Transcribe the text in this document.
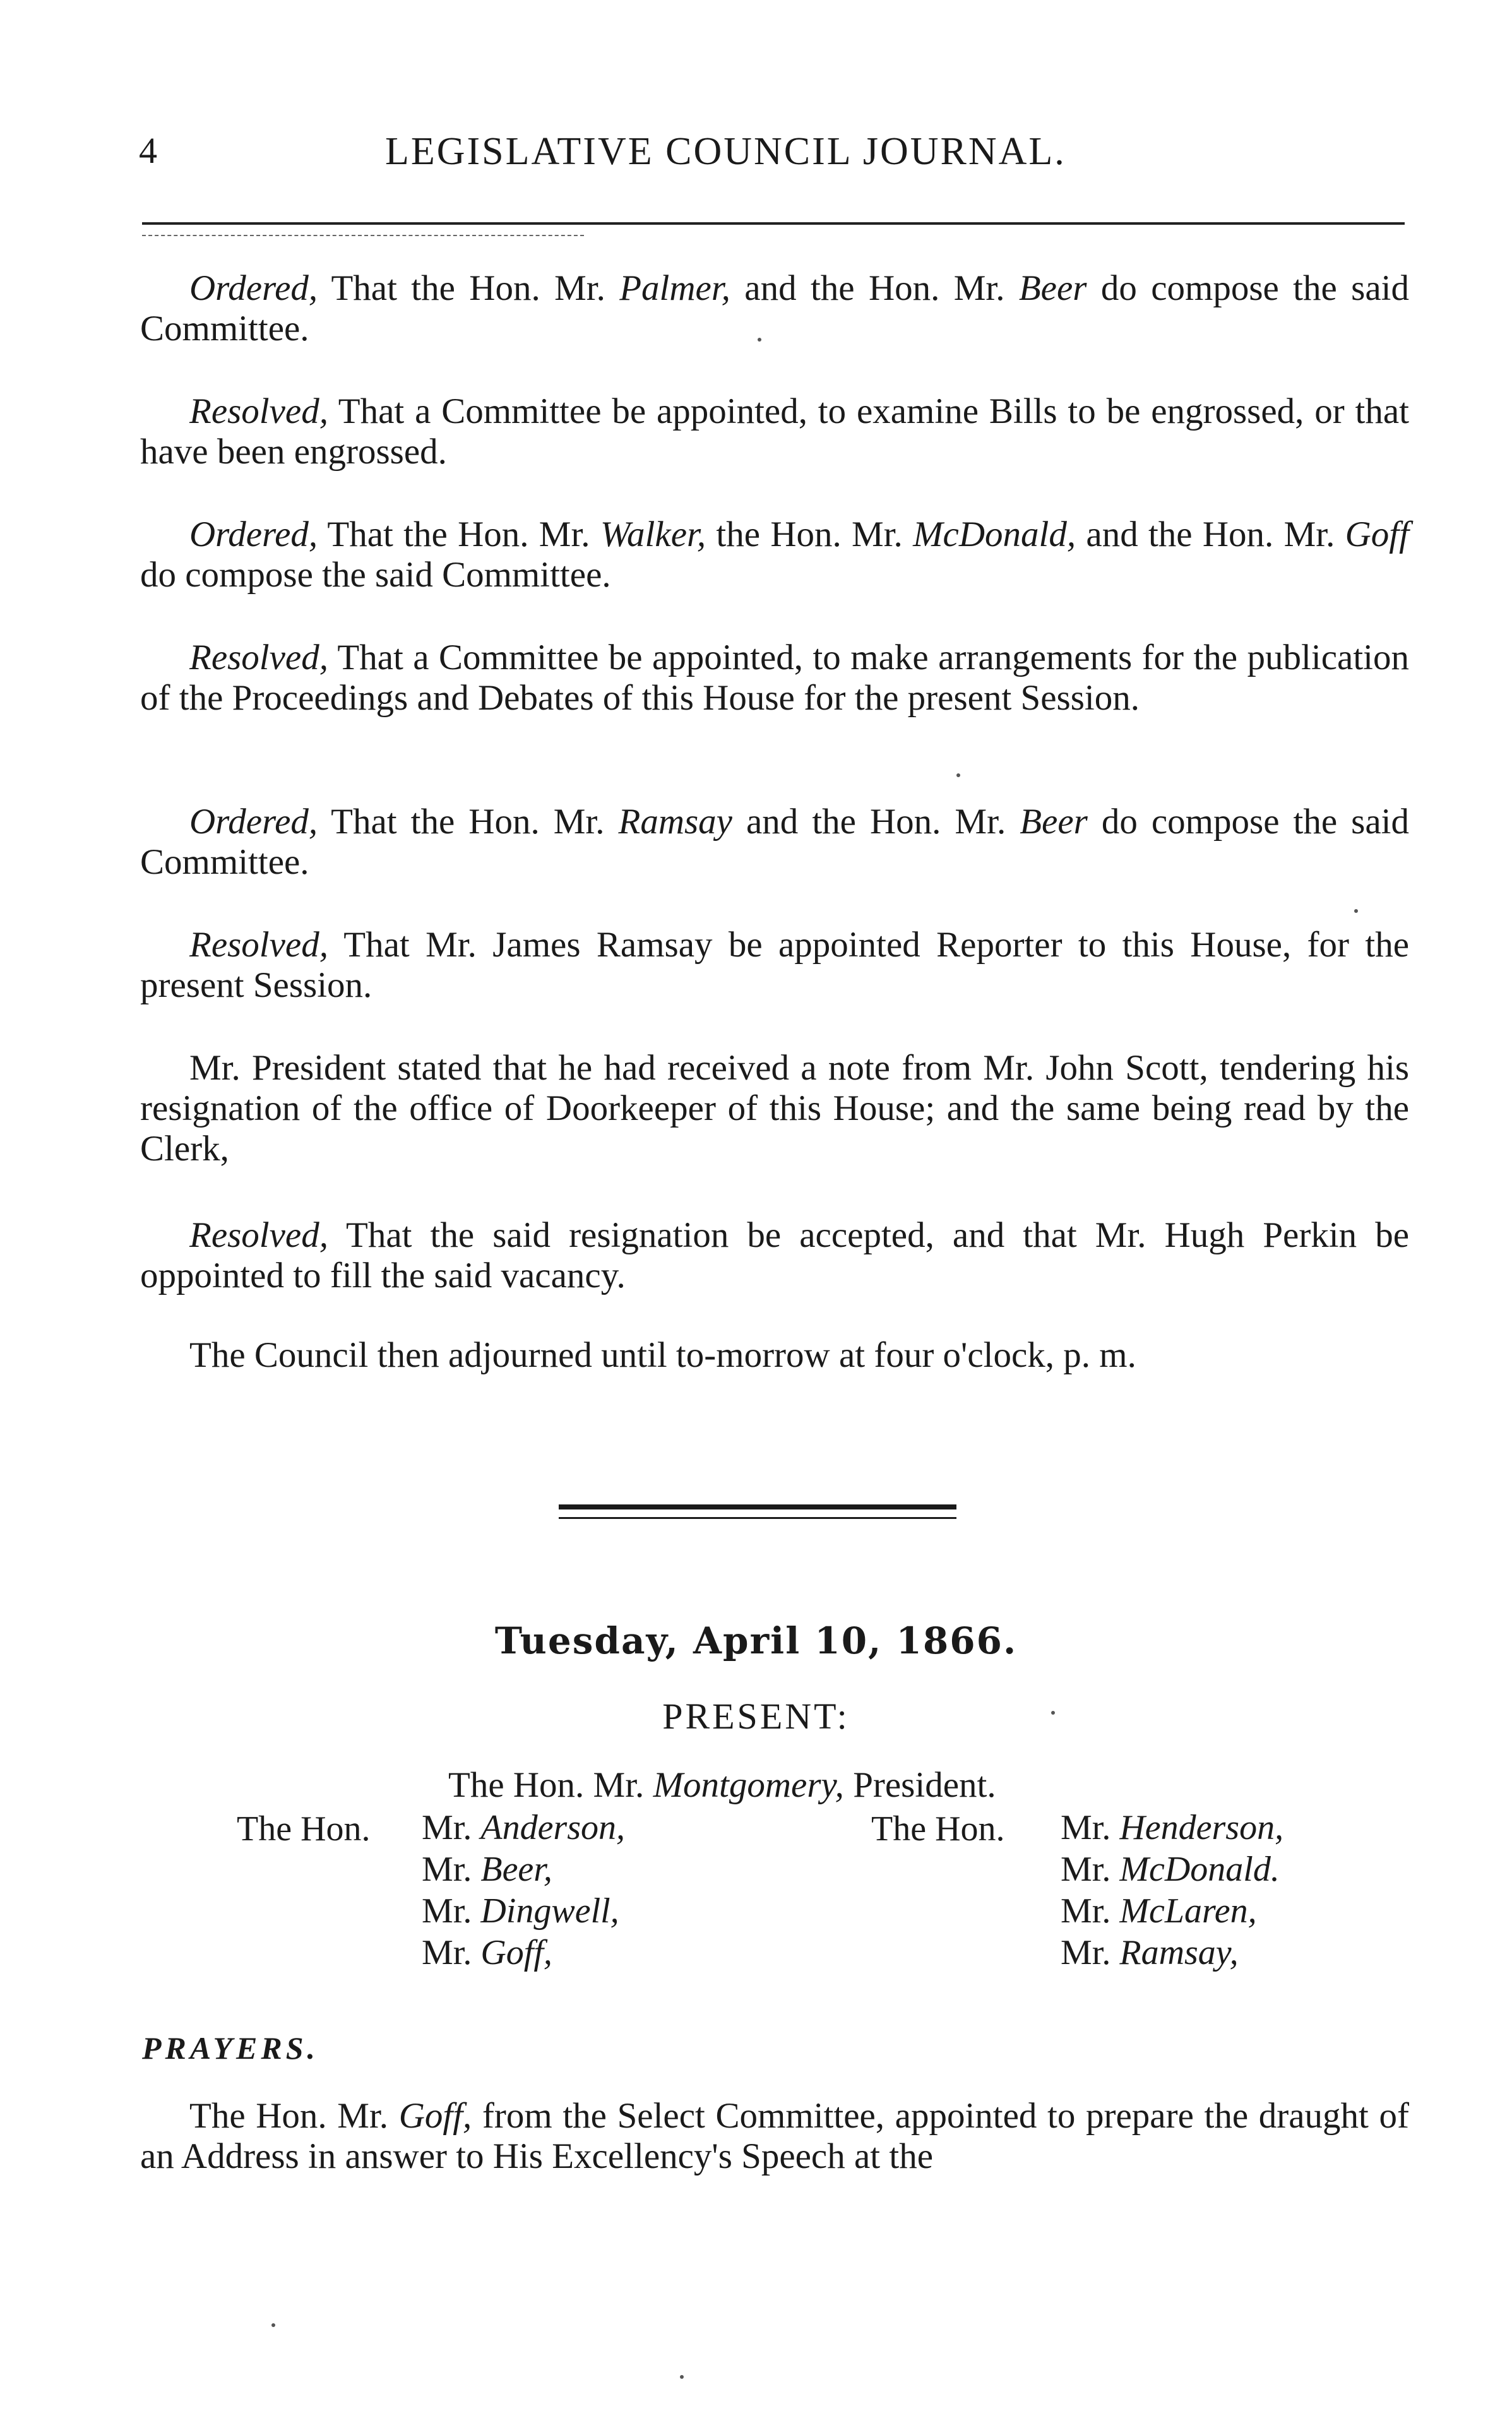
4	LEGISLATIVE COUNCIL JOURNAL.

Ordered, That the Hon. Mr. Palmer, and the Hon. Mr. Beer do compose the said Committee.

Resolved, That a Committee be appointed, to examine Bills to be engrossed, or that have been engrossed.

Ordered, That the Hon. Mr. Walker, the Hon. Mr. McDonald, and the Hon. Mr. Goff do compose the said Committee.

Resolved, That a Committee be appointed, to make arrangements for the publication of the Proceedings and Debates of this House for the present Session.

Ordered, That the Hon. Mr. Ramsay and the Hon. Mr. Beer do compose the said Committee.

Resolved, That Mr. James Ramsay be appointed Reporter to this House, for the present Session.

Mr. President stated that he had received a note from Mr. John Scott, tendering his resignation of the office of Doorkeeper of this House; and the same being read by the Clerk,

Resolved, That the said resignation be accepted, and that Mr. Hugh Perkin be oppointed to fill the said vacancy.

The Council then adjourned until to-morrow at four o'clock, p. m.

Tuesday, April 10, 1866.
PRESENT:
The Hon. Mr. Montgomery, President.
The Hon. Mr. Anderson,
Mr. Beer,
Mr. Dingwell,
Mr. Goff,
The Hon. Mr. Henderson,
Mr. McDonald.
Mr. McLaren,
Mr. Ramsay,
PRAYERS.

The Hon. Mr. Goff, from the Select Committee, appointed to prepare the draught of an Address in answer to His Excellency's Speech at the
